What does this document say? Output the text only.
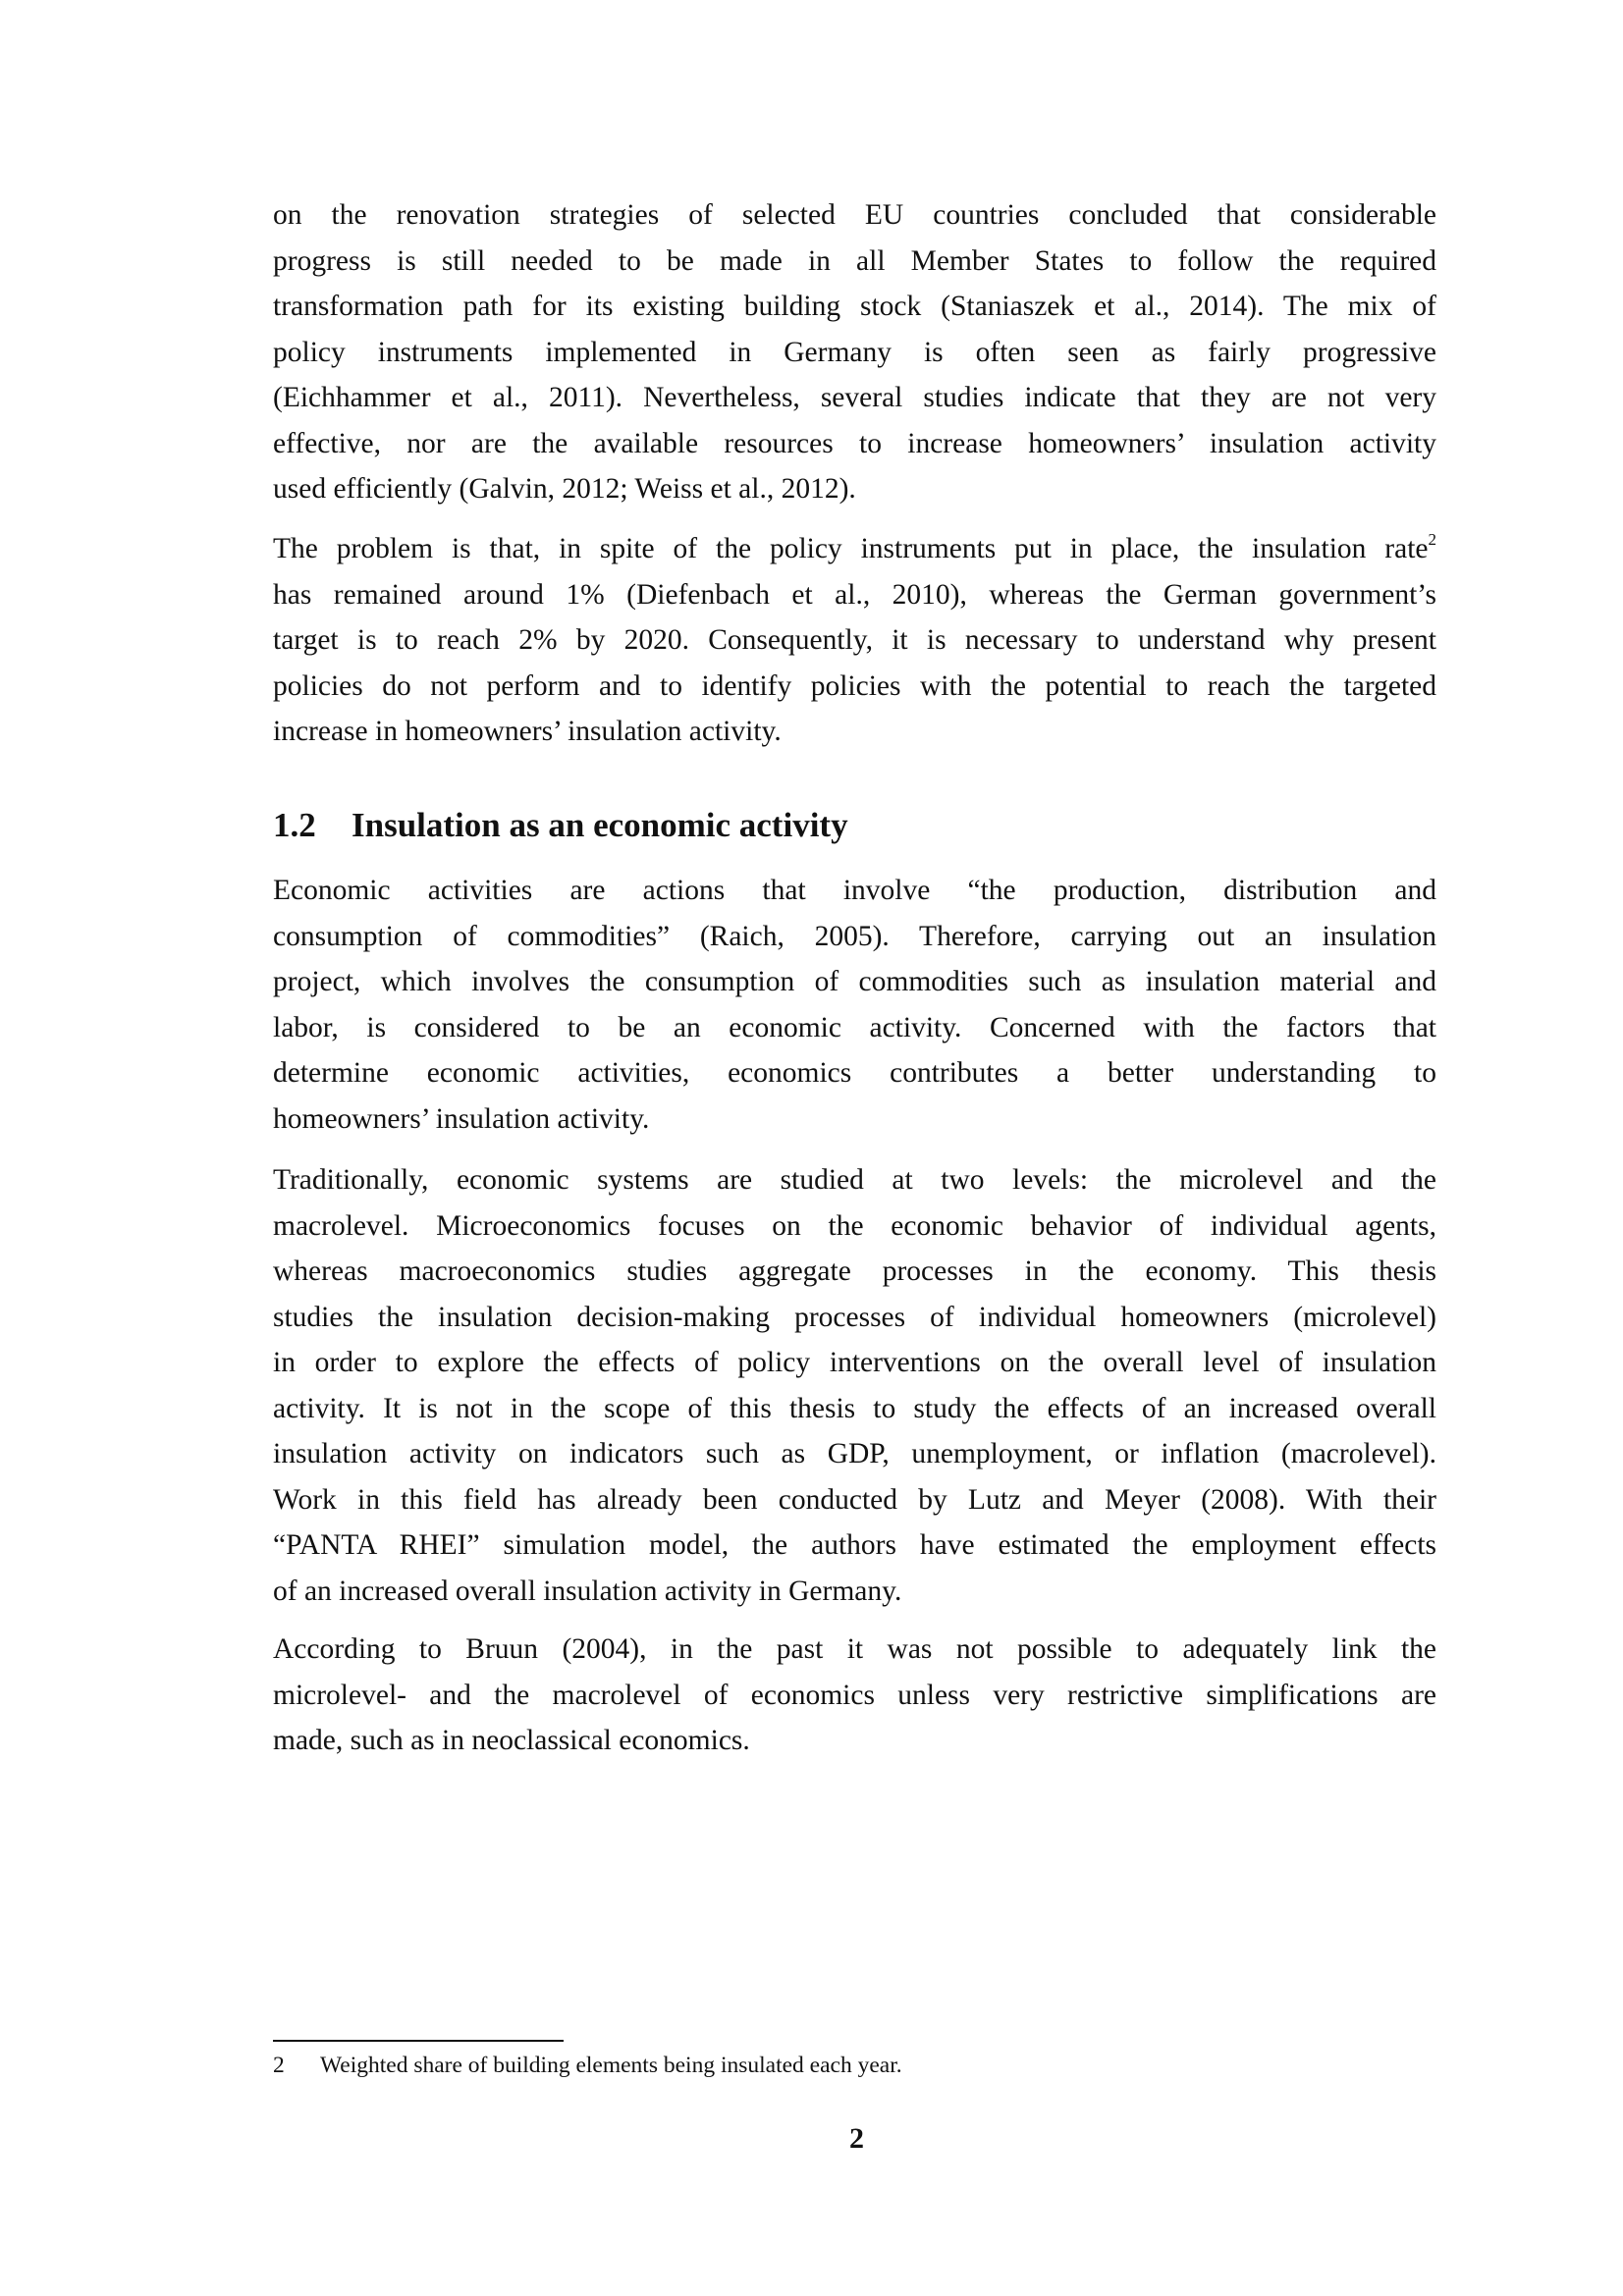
on the renovation strategies of selected EU countries concluded that considerable
progress is still needed to be made in all Member States to follow the required
transformation path for its existing building stock (Staniaszek et al., 2014). The mix of
policy instruments implemented in Germany is often seen as fairly progressive
(Eichhammer et al., 2011). Nevertheless, several studies indicate that they are not very
effective, nor are the available resources to increase homeowners’ insulation activity
used efficiently (Galvin, 2012; Weiss et al., 2012).
The problem is that, in spite of the policy instruments put in place, the insulation rate$^2$
has remained around 1% (Diefenbach et al., 2010), whereas the German government’s
target is to reach 2% by 2020. Consequently, it is necessary to understand why present
policies do not perform and to identify policies with the potential to reach the targeted
increase in homeowners’ insulation activity.
1.2 Insulation as an economic activity
Economic activities are actions that involve “the production, distribution and
consumption of commodities” (Raich, 2005). Therefore, carrying out an insulation
project, which involves the consumption of commodities such as insulation material and
labor, is considered to be an economic activity. Concerned with the factors that
determine economic activities, economics contributes a better understanding to
homeowners’ insulation activity.
Traditionally, economic systems are studied at two levels: the microlevel and the
macrolevel. Microeconomics focuses on the economic behavior of individual agents,
whereas macroeconomics studies aggregate processes in the economy. This thesis
studies the insulation decision-making processes of individual homeowners (microlevel)
in order to explore the effects of policy interventions on the overall level of insulation
activity. It is not in the scope of this thesis to study the effects of an increased overall
insulation activity on indicators such as GDP, unemployment, or inflation (macrolevel).
Work in this field has already been conducted by Lutz and Meyer (2008). With their
“PANTA RHEI” simulation model, the authors have estimated the employment effects
of an increased overall insulation activity in Germany.
According to Bruun (2004), in the past it was not possible to adequately link the
microlevel- and the macrolevel of economics unless very restrictive simplifications are
made, such as in neoclassical economics.
2 Weighted share of building elements being insulated each year.
2
